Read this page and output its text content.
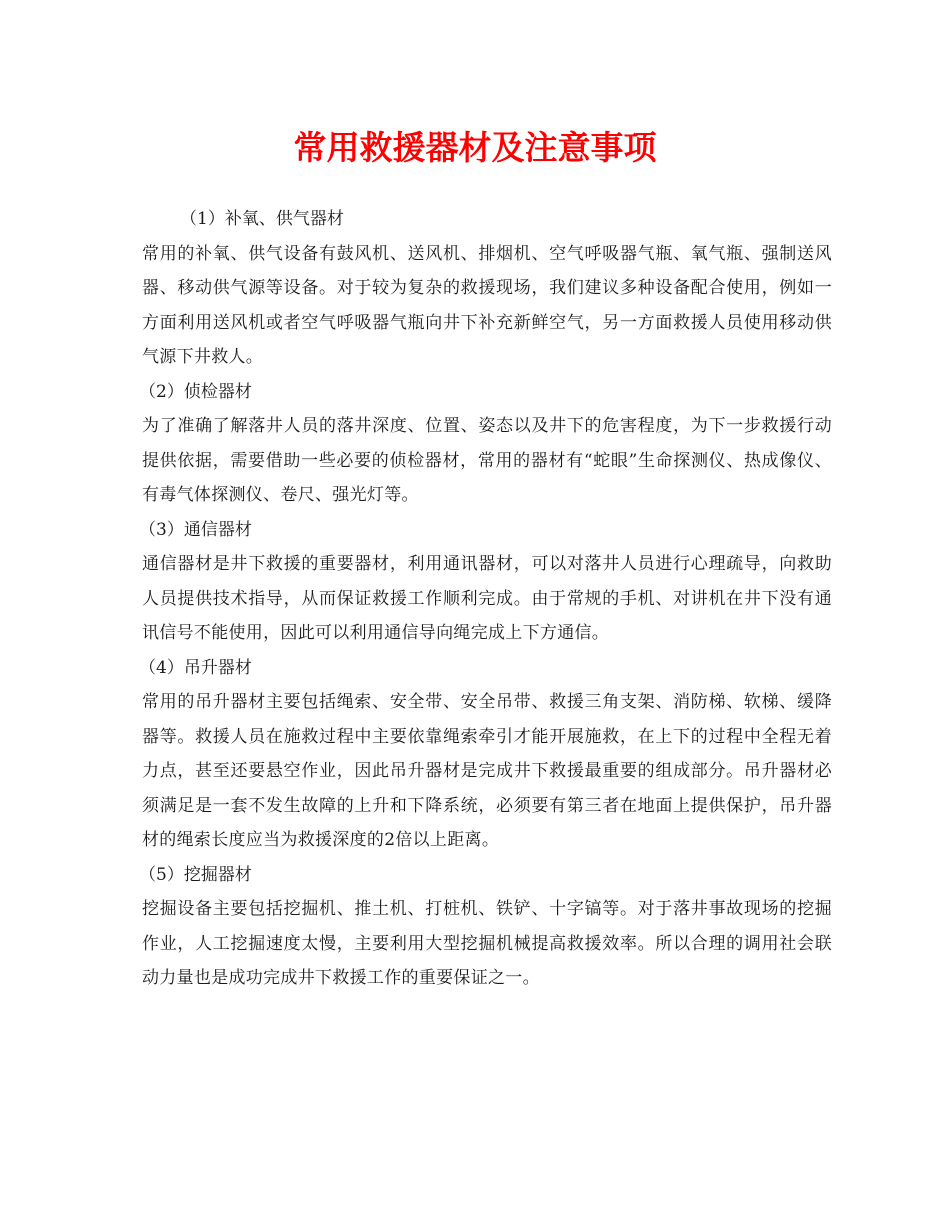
常用救援器材及注意事项

（1）补氧、供气器材

常用的补氧、供气设备有鼓风机、送风机、排烟机、空气呼吸器气瓶、氧气瓶、强制送风器、移动供气源等设备。对于较为复杂的救援现场，我们建议多种设备配合使用，例如一方面利用送风机或者空气呼吸器气瓶向井下补充新鲜空气，另一方面救援人员使用移动供气源下井救人。

（2）侦检器材

为了准确了解落井人员的落井深度、位置、姿态以及井下的危害程度，为下一步救援行动提供依据，需要借助一些必要的侦检器材，常用的器材有“蛇眼”生命探测仪、热成像仪、有毒气体探测仪、卷尺、强光灯等。

（3）通信器材

通信器材是井下救援的重要器材，利用通讯器材，可以对落井人员进行心理疏导，向救助人员提供技术指导，从而保证救援工作顺利完成。由于常规的手机、对讲机在井下没有通讯信号不能使用，因此可以利用通信导向绳完成上下方通信。

（4）吊升器材

常用的吊升器材主要包括绳索、安全带、安全吊带、救援三角支架、消防梯、软梯、缓降器等。救援人员在施救过程中主要依靠绳索牵引才能开展施救，在上下的过程中全程无着力点，甚至还要悬空作业，因此吊升器材是完成井下救援最重要的组成部分。吊升器材必须满足是一套不发生故障的上升和下降系统，必须要有第三者在地面上提供保护，吊升器材的绳索长度应当为救援深度的2倍以上距离。

（5）挖掘器材

挖掘设备主要包括挖掘机、推土机、打桩机、铁铲、十字镐等。对于落井事故现场的挖掘作业，人工挖掘速度太慢，主要利用大型挖掘机械提高救援效率。所以合理的调用社会联动力量也是成功完成井下救援工作的重要保证之一。
